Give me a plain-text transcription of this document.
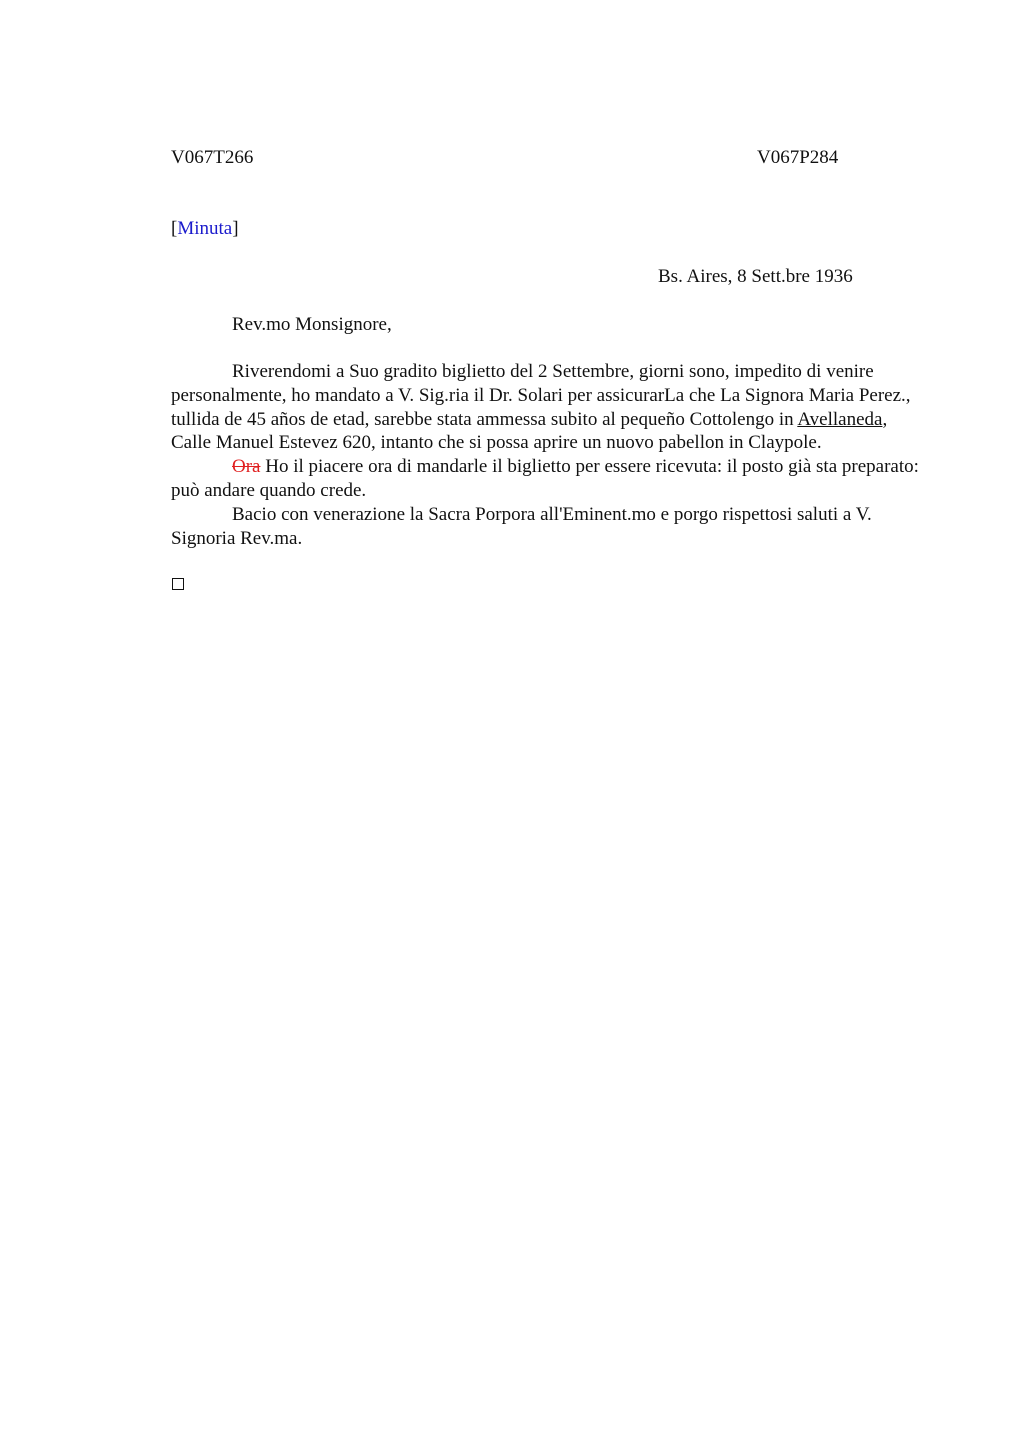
V067T266	V067P284
[Minuta]
Bs. Aires, 8 Sett.bre 1936
Rev.mo Monsignore,

Riverendomi a Suo gradito biglietto del 2 Settembre, giorni sono, impedito di venire personalmente, ho mandato a V. Sig.ria il Dr. Solari per assicurarLa che La Signora Maria Perez., tullida de 45 años de etad, sarebbe stata ammessa subito al pequeño Cottolengo in Avellaneda, Calle Manuel Estevez 620, intanto che si possa aprire un nuovo pabellon in Claypole.

Ora Ho il piacere ora di mandarle il biglietto per essere ricevuta: il posto già sta preparato: può andare quando crede.

Bacio con venerazione la Sacra Porpora all'Eminent.mo e porgo rispettosi saluti a V. Signoria Rev.ma.
